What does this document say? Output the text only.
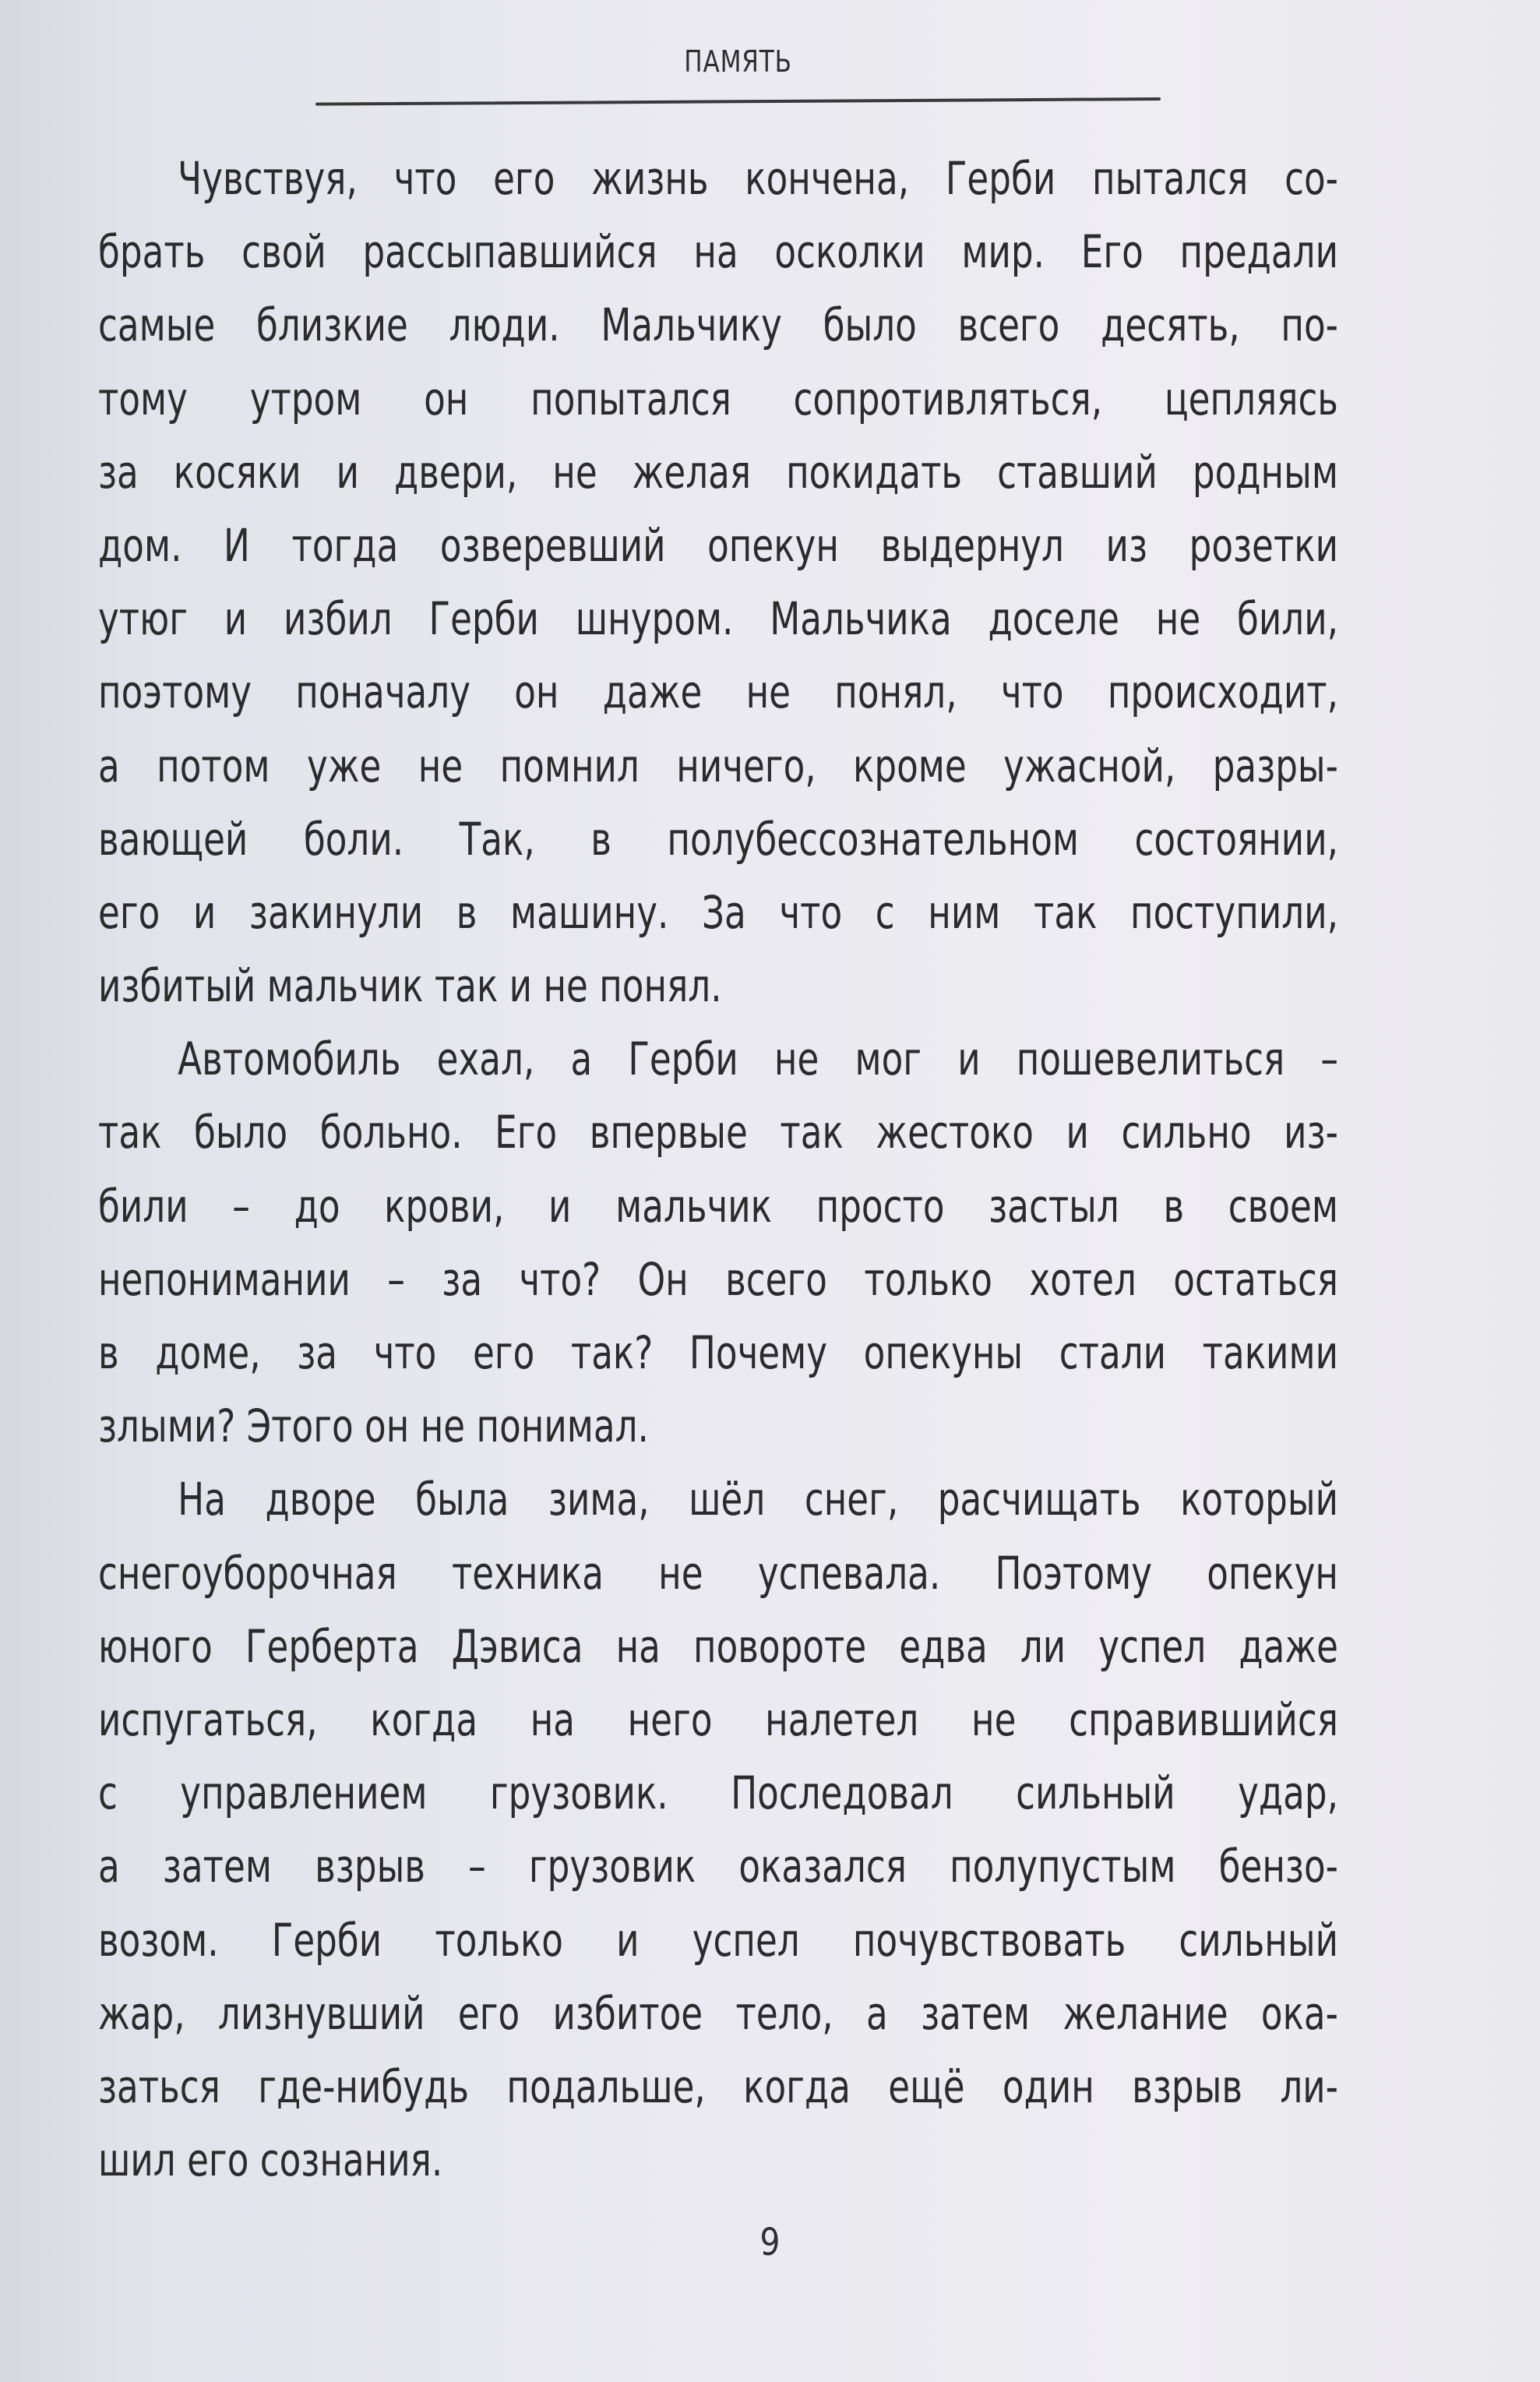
ПАМЯТЬ
Чувствуя, что его жизнь кончена, Герби пытался со-
брать свой рассыпавшийся на осколки мир. Его предали
самые близкие люди. Мальчику было всего десять, по-
тому утром он попытался сопротивляться, цепляясь
за косяки и двери, не желая покидать ставший родным
дом. И тогда озверевший опекун выдернул из розетки
утюг и избил Герби шнуром. Мальчика доселе не били,
поэтому поначалу он даже не понял, что происходит,
а потом уже не помнил ничего, кроме ужасной, разры-
вающей боли. Так, в полубессознательном состоянии,
его и закинули в машину. За что с ним так поступили,
избитый мальчик так и не понял.
Автомобиль ехал, а Герби не мог и пошевелиться –
так было больно. Его впервые так жестоко и сильно из-
били – до крови, и мальчик просто застыл в своем
непонимании – за что? Он всего только хотел остаться
в доме, за что его так? Почему опекуны стали такими
злыми? Этого он не понимал.
На дворе была зима, шёл снег, расчищать который
снегоуборочная техника не успевала. Поэтому опекун
юного Герберта Дэвиса на повороте едва ли успел даже
испугаться, когда на него налетел не справившийся
с управлением грузовик. Последовал сильный удар,
а затем взрыв – грузовик оказался полупустым бензо-
возом. Герби только и успел почувствовать сильный
жар, лизнувший его избитое тело, а затем желание ока-
заться где-нибудь подальше, когда ещё один взрыв ли-
шил его сознания.
9
